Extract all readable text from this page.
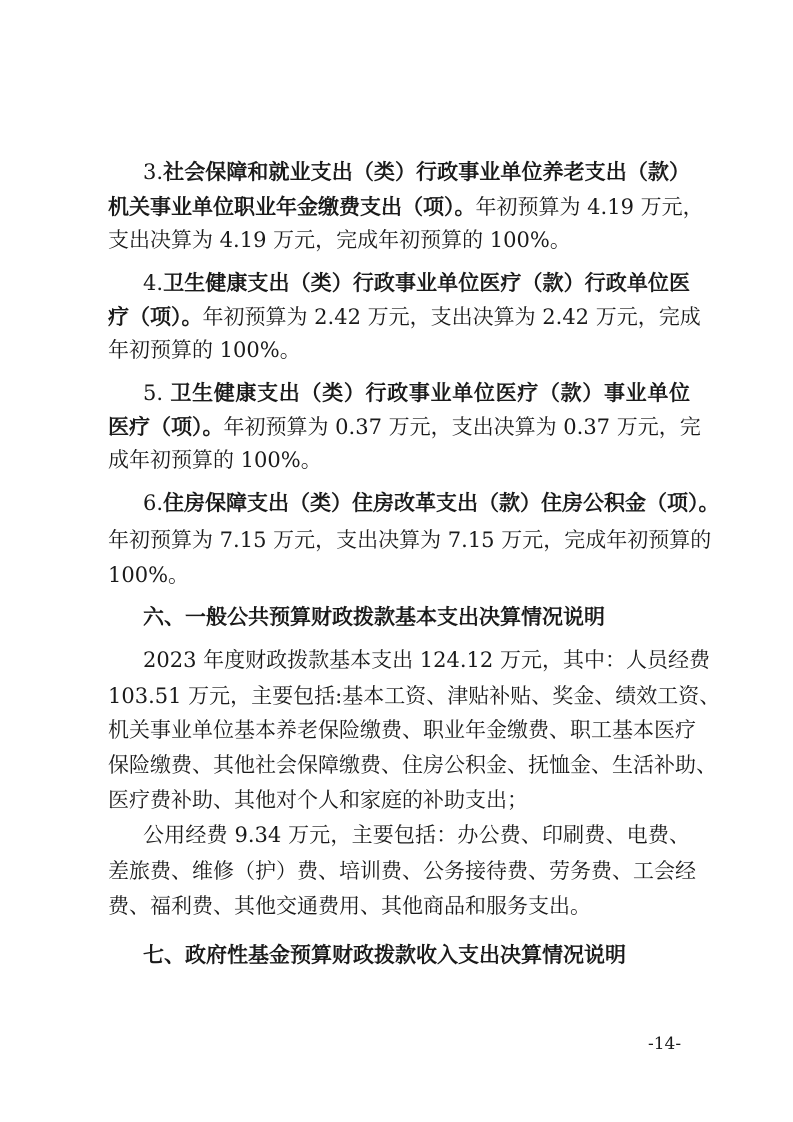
3.社会保障和就业支出（类）行政事业单位养老支出（款）
机关事业单位职业年金缴费支出（项）。年初预算为 4.19 万元，
支出决算为 4.19 万元，完成年初预算的 100%。
4.卫生健康支出（类）行政事业单位医疗（款）行政单位医
疗（项）。年初预算为 2.42 万元，支出决算为 2.42 万元，完成
年初预算的 100%。
5. 卫生健康支出（类）行政事业单位医疗（款）事业单位
医疗（项）。年初预算为 0.37 万元，支出决算为 0.37 万元，完
成年初预算的 100%。
6.住房保障支出（类）住房改革支出（款）住房公积金（项）。
年初预算为 7.15 万元，支出决算为 7.15 万元，完成年初预算的
100%。
六、一般公共预算财政拨款基本支出决算情况说明
2023 年度财政拨款基本支出 124.12 万元，其中：人员经费
103.51 万元，主要包括:基本工资、津贴补贴、奖金、绩效工资、
机关事业单位基本养老保险缴费、职业年金缴费、职工基本医疗
保险缴费、其他社会保障缴费、住房公积金、抚恤金、生活补助、
医疗费补助、其他对个人和家庭的补助支出；
公用经费 9.34 万元，主要包括：办公费、印刷费、电费、
差旅费、维修（护）费、培训费、公务接待费、劳务费、工会经
费、福利费、其他交通费用、其他商品和服务支出。
七、政府性基金预算财政拨款收入支出决算情况说明
-14-
